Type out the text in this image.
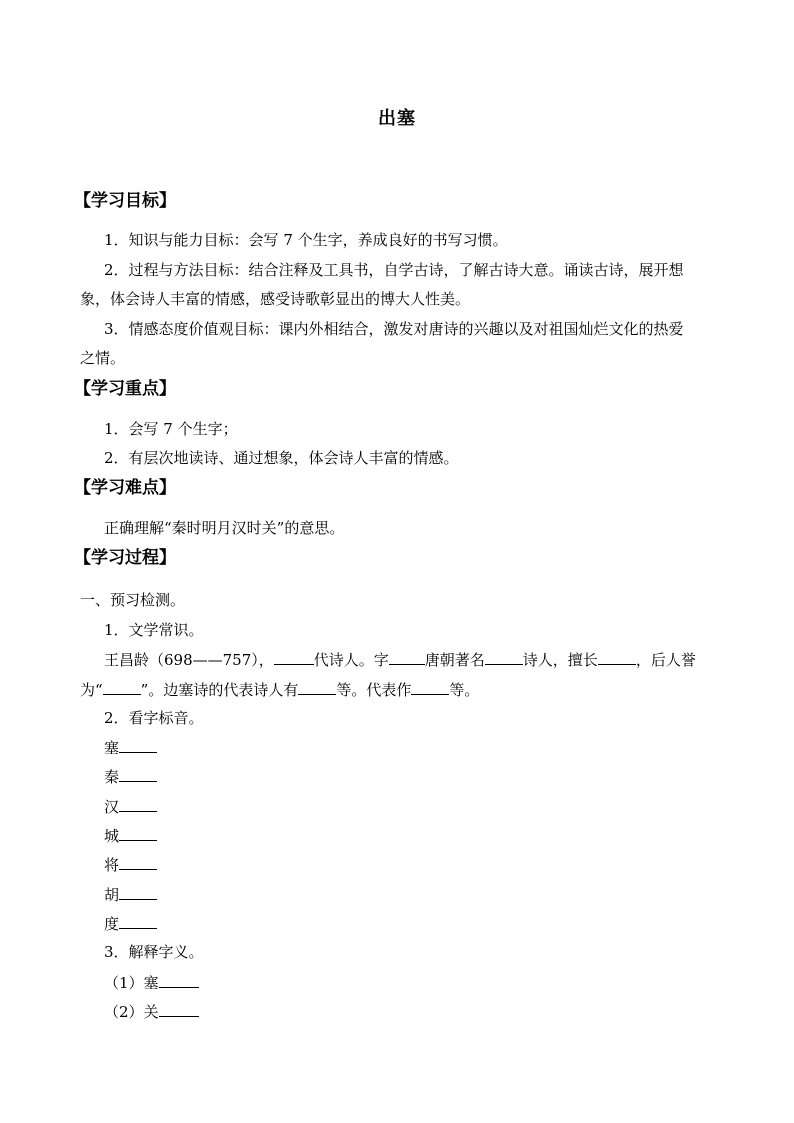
出塞
【学习目标】
1．知识与能力目标：会写 7 个生字，养成良好的书写习惯。
2．过程与方法目标：结合注释及工具书，自学古诗，了解古诗大意。诵读古诗，展开想
象，体会诗人丰富的情感，感受诗歌彰显出的博大人性美。
3．情感态度价值观目标：课内外相结合，激发对唐诗的兴趣以及对祖国灿烂文化的热爱
之情。
【学习重点】
1．会写 7 个生字；
2．有层次地读诗、通过想象，体会诗人丰富的情感。
【学习难点】
正确理解“秦时明月汉时关”的意思。
【学习过程】
一、预习检测。
1．文学常识。
王昌龄（698——757），	代诗人。字 唐朝著名	诗人，擅长	，后人誉
为“	”。边塞诗的代表诗人有	等。代表作	等。
2．看字标音。
塞
秦
汉
城
将
胡
度
3．解释字义。
（1）塞
（2）关
